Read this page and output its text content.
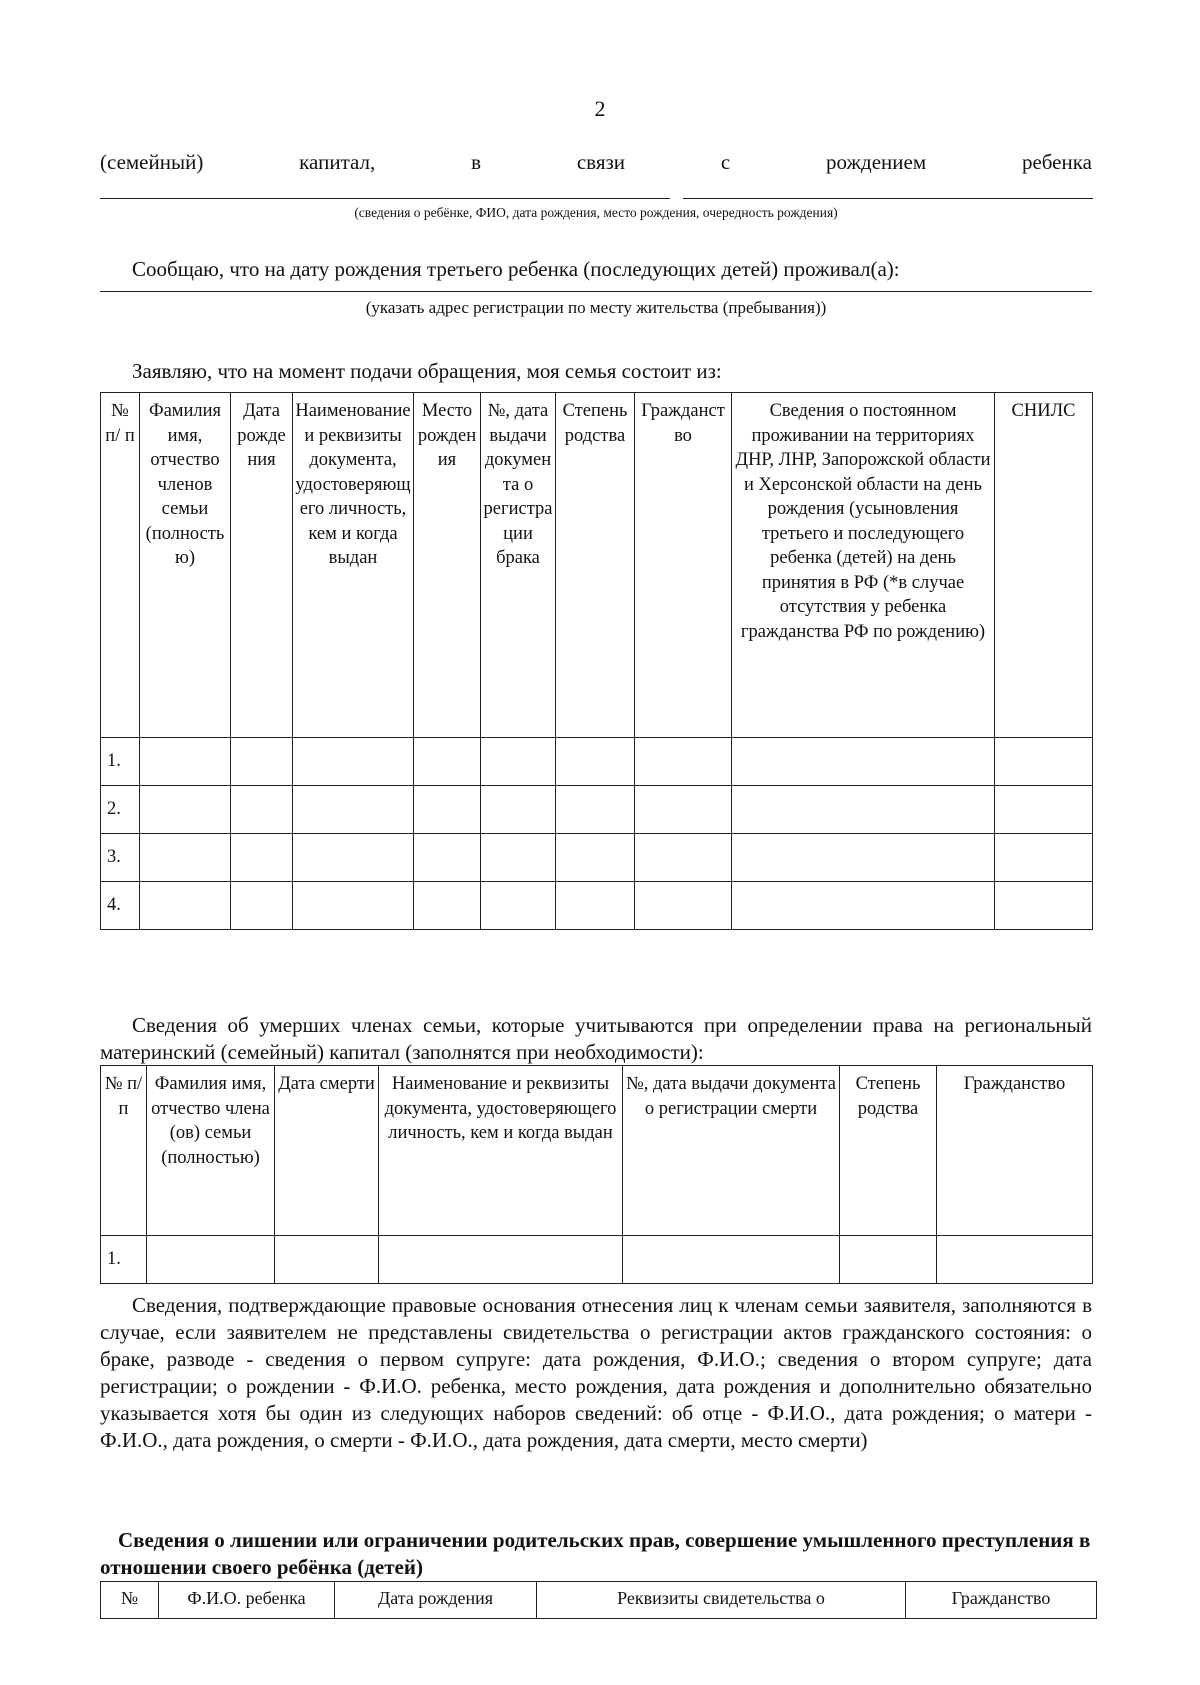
2
(семейный)	капитал,	в	связи	с	рождением	ребенка
(сведения о ребёнке, ФИО, дата рождения, место рождения, очередность рождения)
Сообщаю, что на дату рождения третьего ребенка (последующих детей) проживал(а):
(указать адрес регистрации по месту жительства (пребывания))
Заявляю, что на момент подачи обращения, моя семья состоит из:
№ п/ п	Фамилия имя, отчество членов семьи (полностью)	Дата рождения	Наименование и реквизиты документа, удостоверяющего личность, кем и когда выдан	Место рождения	№, дата выдачи документа о регистрации брака	Степень родства	Гражданство	Сведения о постоянном проживании на территориях ДНР, ЛНР, Запорожской области и Херсонской области на день рождения (усыновления третьего и последующего ребенка (детей) на день принятия в РФ (*в случае отсутствия у ребенка гражданства РФ по рождению)	СНИЛС
1.									
2.									
3.									
4.									
Сведения об умерших членах семьи, которые учитываются при определении права на региональный материнский (семейный) капитал (заполнятся при необходимости):
№ п/п	Фамилия имя, отчество члена (ов) семьи (полностью)	Дата смерти	Наименование и реквизиты документа, удостоверяющего личность, кем и когда выдан	№, дата выдачи документа о регистрации смерти	Степень родства	Гражданство
1.						
Сведения, подтверждающие правовые основания отнесения лиц к членам семьи заявителя, заполняются в случае, если заявителем не представлены свидетельства о регистрации актов гражданского состояния: о браке, разводе - сведения о первом супруге: дата рождения, Ф.И.О.; сведения о втором супруге; дата регистрации; о рождении - Ф.И.О. ребенка, место рождения, дата рождения и дополнительно обязательно указывается хотя бы один из следующих наборов сведений: об отце - Ф.И.О., дата рождения; о матери - Ф.И.О., дата рождения, о смерти - Ф.И.О., дата рождения, дата смерти, место смерти)
Сведения о лишении или ограничении родительских прав, совершение умышленного преступления в отношении своего ребёнка (детей)
№	Ф.И.О. ребенка	Дата рождения	Реквизиты свидетельства о	Гражданство
